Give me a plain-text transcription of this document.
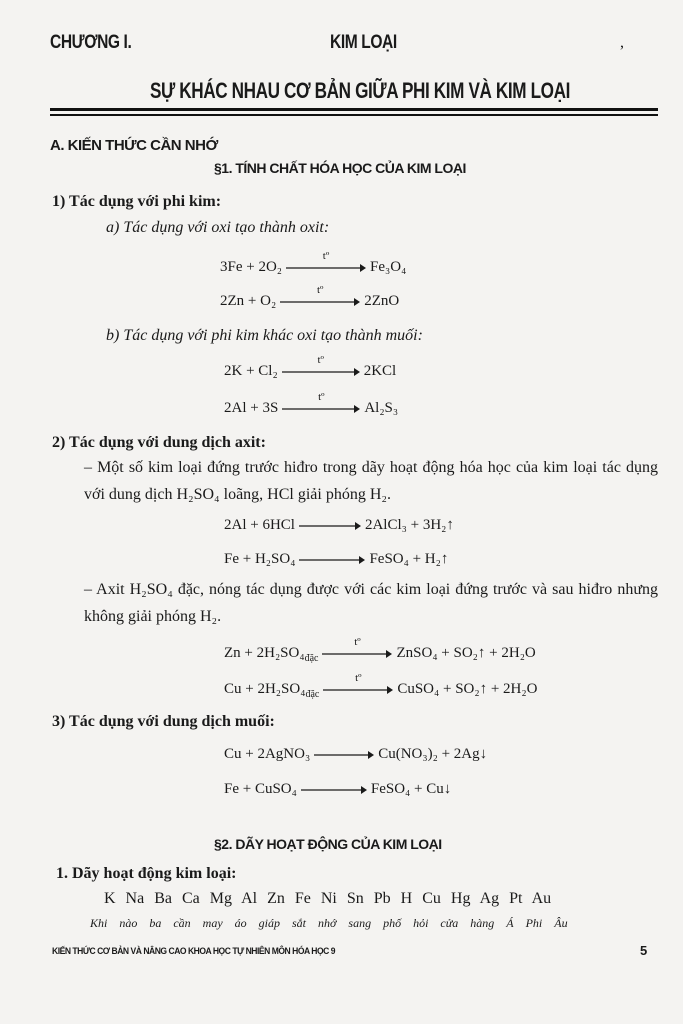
CHƯƠNG I.	KIM LOẠI	,
SỰ KHÁC NHAU CƠ BẢN GIỮA PHI KIM VÀ KIM LOẠI
A. KIẾN THỨC CẦN NHỚ
§1. TÍNH CHẤT HÓA HỌC CỦA KIM LOẠI
1) Tác dụng với phi kim:
a) Tác dụng với oxi tạo thành oxit:
3Fe + 2O₂
tº
Fe₃O₄
2Zn + O₂
tº
2ZnO
b) Tác dụng với phi kim khác oxi tạo thành muối:
2K + Cl₂
tº
2KCl
2Al + 3S
tº
Al₂S₃
2) Tác dụng với dung dịch axit:
– Một số kim loại đứng trước hiđro trong dãy hoạt động hóa học của kim loại tác dụng với dung dịch H₂SO₄ loãng, HCl giải phóng H₂.
2Al + 6HCl	2AlCl₃ + 3H₂↑
Fe + H₂SO₄	FeSO₄ + H₂↑
– Axit H₂SO₄ đặc, nóng tác dụng được với các kim loại đứng trước và sau hiđro nhưng không giải phóng H₂.
$Zn + 2H_2SO_4_{đặc}$
tº
ZnSO₄ + SO₂↑ + 2H₂O
$Cu + 2H_2SO_4_{đặc}$
tº
CuSO₄ + SO₂↑ + 2H₂O
3) Tác dụng với dung dịch muối:
Cu + 2AgNO₃	Cu(NO₃)₂ + 2Ag↓
Fe + CuSO₄	FeSO₄ + Cu↓
§2. DÃY HOẠT ĐỘNG CỦA KIM LOẠI
1. Dãy hoạt động kim loại:
K Na Ba Ca Mg Al Zn Fe Ni Sn Pb H Cu Hg Ag Pt Au
Khi nào ba cần may áo giáp sắt nhớ sang phố hỏi cửa hàng Á Phi Âu
KIẾN THỨC CƠ BẢN VÀ NÂNG CAO KHOA HỌC TỰ NHIÊN MÔN HÓA HỌC 9	5
